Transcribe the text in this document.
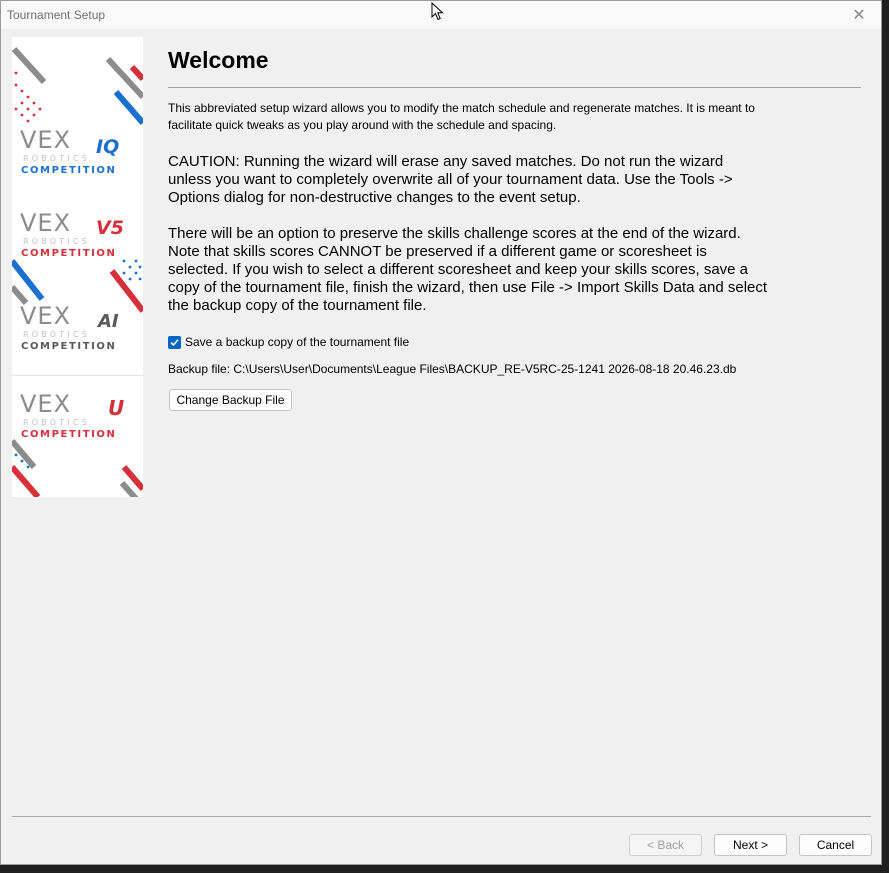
Tournament Setup	✕
VEX IQ
ROBOTICS
COMPETITION
VEX V5
ROBOTICS
COMPETITION
VEX AI
ROBOTICS
COMPETITION
VEX U
ROBOTICS
COMPETITION
Welcome
This abbreviated setup wizard allows you to modify the match schedule and regenerate matches. It is meant to facilitate quick tweaks as you play around with the schedule and spacing.
CAUTION: Running the wizard will erase any saved matches. Do not run the wizard unless you want to completely overwrite all of your tournament data. Use the Tools -> Options dialog for non-destructive changes to the event setup.
There will be an option to preserve the skills challenge scores at the end of the wizard. Note that skills scores CANNOT be preserved if a different game or scoresheet is selected. If you wish to select a different scoresheet and keep your skills scores, save a copy of the tournament file, finish the wizard, then use File -> Import Skills Data and select the backup copy of the tournament file.
Save a backup copy of the tournament file
Backup file: C:\Users\User\Documents\League Files\BACKUP_RE-V5RC-25-1241 2026-08-18 20.46.23.db
Change Backup File
< Back	Next >	Cancel
